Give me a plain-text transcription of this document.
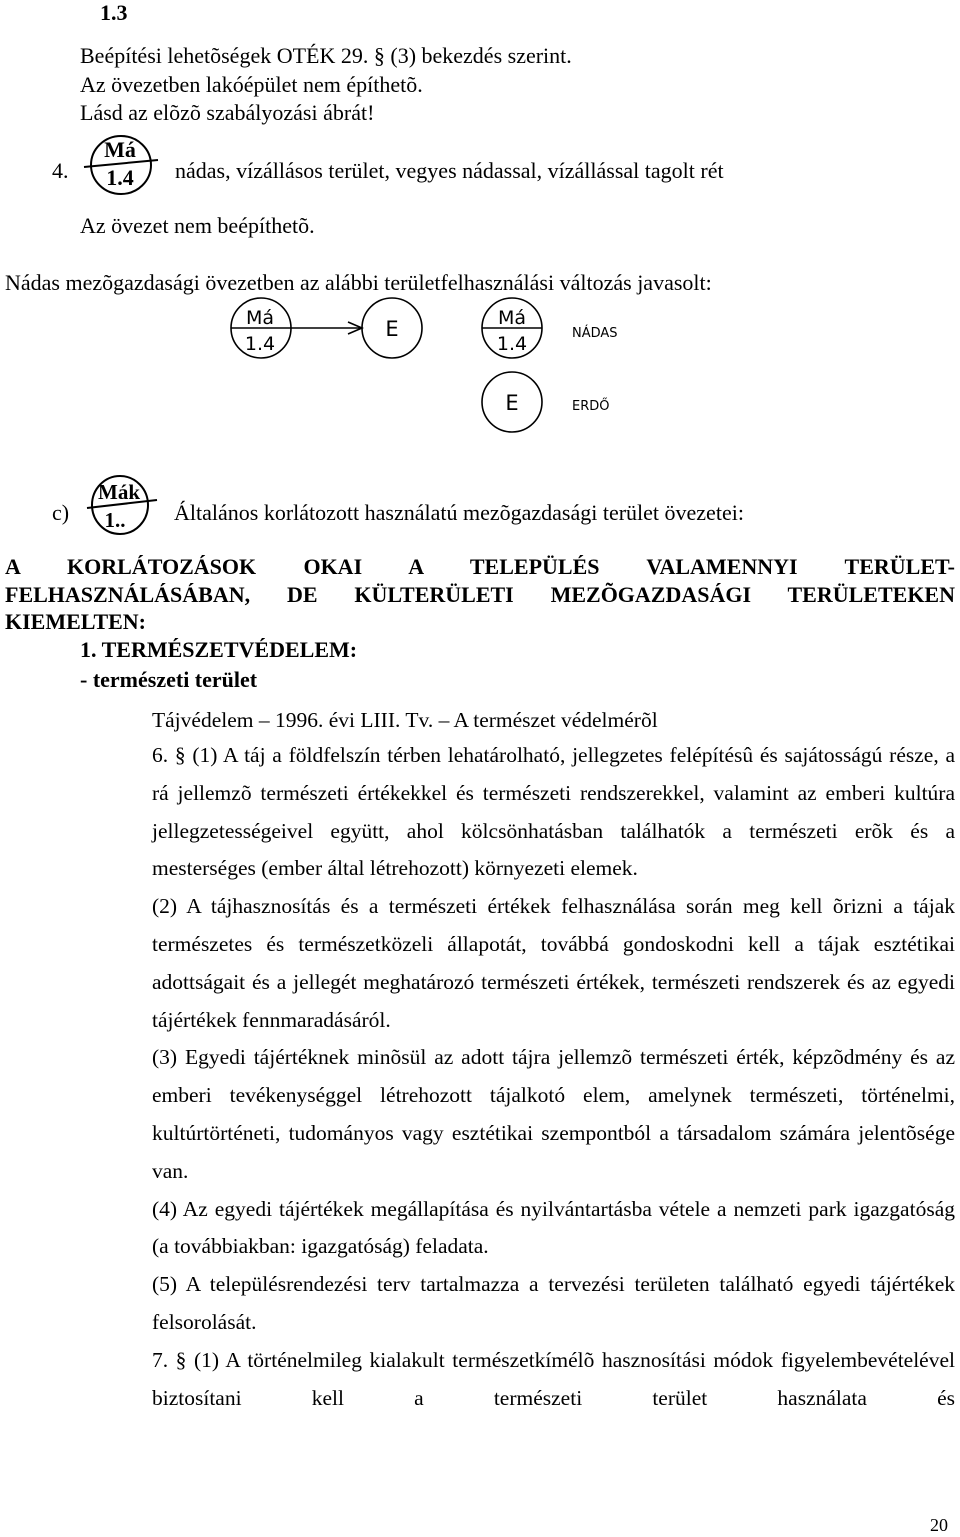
1.3
Beépítési lehetõségek OTÉK 29. § (3) bekezdés szerint.
Az övezetben lakóépület nem építhetõ.
Lásd az elõzõ szabályozási ábrát!
4.
Má
1.4 nádas, vízállásos terület, vegyes nádassal, vízállással tagolt rét
Az övezet nem beépíthetõ.
Nádas mezõgazdasági övezetben az alábbi területfelhasználási változás javasolt:
Má
1.4
E	Má
1.4	NÁDAS
E	ERDŐ
c)
Mák
1.. Általános korlátozott használatú mezõgazdasági terület övezetei:
A KORLÁTOZÁSOK OKAI A TELEPÜLÉS VALAMENNYI TERÜLET-
FELHASZNÁLÁSÁBAN, DE KÜLTERÜLETI MEZÕGAZDASÁGI TERÜLETEKEN
KIEMELTEN:
1. TERMÉSZETVÉDELEM:
- természeti terület
Tájvédelem – 1996. évi LIII. Tv. – A természet védelmérõl

6. § (1) A táj a földfelszín térben lehatárolható, jellegzetes felépítésû és sajátosságú része, a rá jellemzõ természeti értékekkel és természeti rendszerekkel, valamint az emberi kultúra jellegzetességeivel együtt, ahol kölcsönhatásban találhatók a természeti erõk és a mesterséges (ember által létrehozott) környezeti elemek.

(2) A tájhasznosítás és a természeti értékek felhasználása során meg kell õrizni a tájak természetes és természetközeli állapotát, továbbá gondoskodni kell a tájak esztétikai adottságait és a jellegét meghatározó természeti értékek, természeti rendszerek és az egyedi tájértékek fennmaradásáról.

(3) Egyedi tájértéknek minõsül az adott tájra jellemzõ természeti érték, képzõdmény és az emberi tevékenységgel létrehozott tájalkotó elem, amelynek természeti, történelmi, kultúrtörténeti, tudományos vagy esztétikai szempontból a társadalom számára jelentõsége van.

(4) Az egyedi tájértékek megállapítása és nyilvántartásba vétele a nemzeti park igazgatóság (a továbbiakban: igazgatóság) feladata.

(5) A településrendezési terv tartalmazza a tervezési területen található egyedi tájértékek felsorolását.

7. § (1) A történelmileg kialakult természetkímélõ hasznosítási módok figyelembevételével biztosítani kell a természeti terület használata és

20
